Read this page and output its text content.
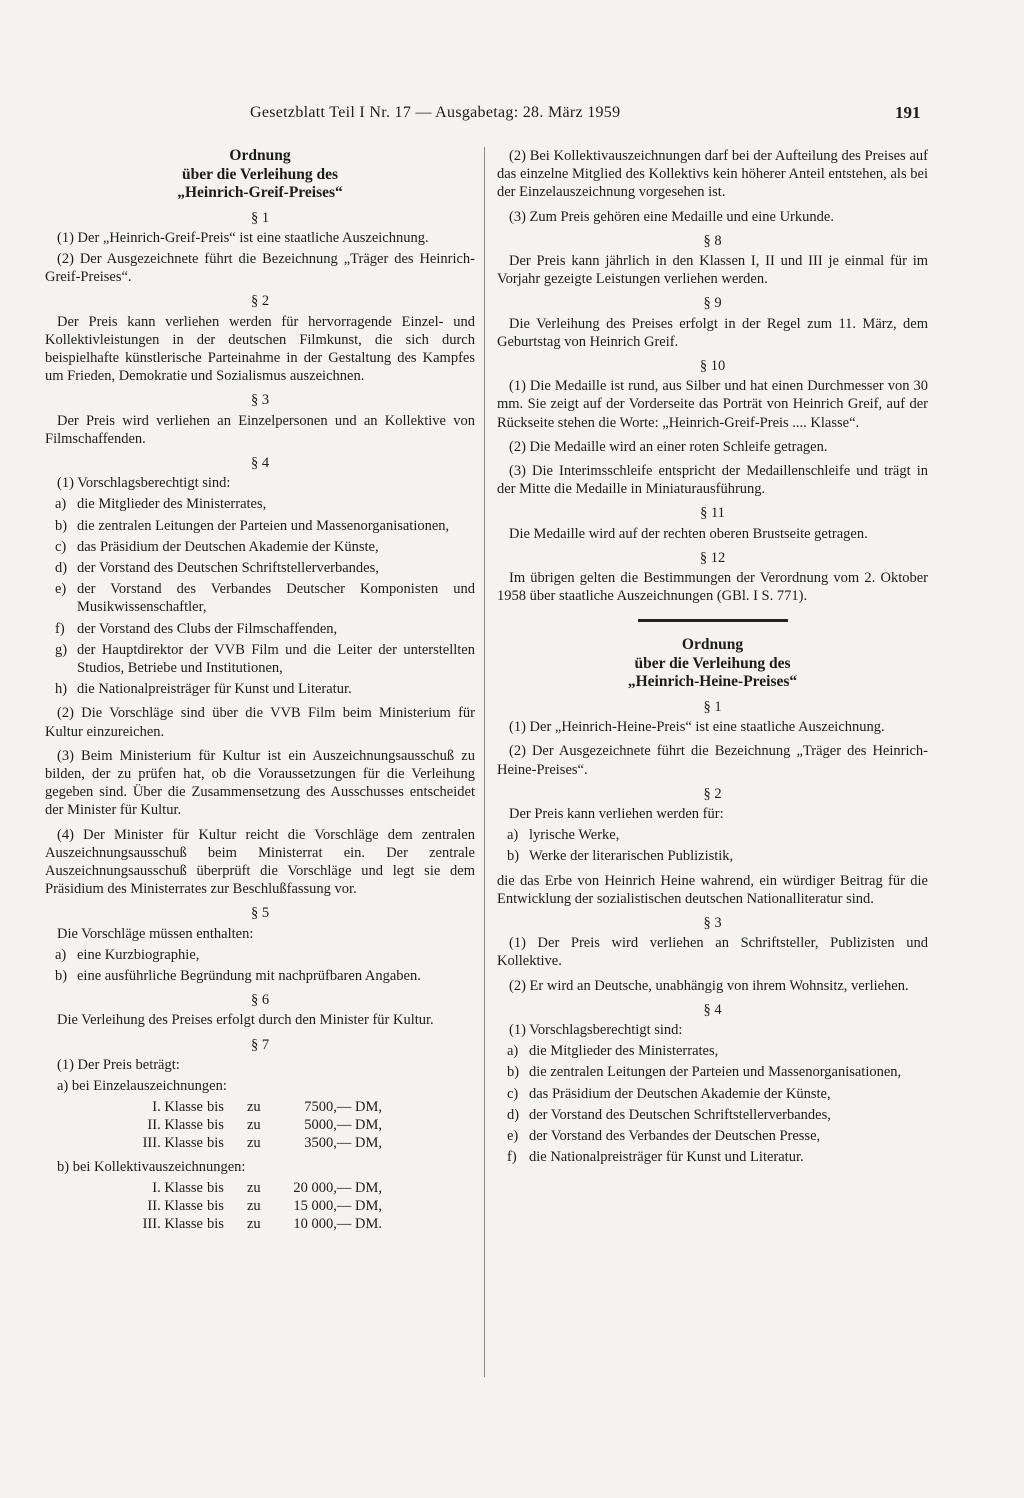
Gesetzblatt Teil I Nr. 17 — Ausgabetag: 28. März 1959	191

Ordnung

über die Verleihung des

„Heinrich-Greif-Preises“

§ 1

(1) Der „Heinrich-Greif-Preis“ ist eine staatliche Auszeichnung.

(2) Der Ausgezeichnete führt die Bezeichnung „Träger des Heinrich-Greif-Preises“.

§ 2

Der Preis kann verliehen werden für hervorragende Einzel- und Kollektivleistungen in der deutschen Filmkunst, die sich durch beispielhafte künstlerische Parteinahme in der Gestaltung des Kampfes um Frieden, Demokratie und Sozialismus auszeichnen.

§ 3

Der Preis wird verliehen an Einzelpersonen und an Kollektive von Filmschaffenden.

§ 4

(1) Vorschlagsberechtigt sind:

a) die Mitglieder des Ministerrates,
b) die zentralen Leitungen der Parteien und Massenorganisationen,
c) das Präsidium der Deutschen Akademie der Künste,
d) der Vorstand des Deutschen Schriftstellerverbandes,
e) der Vorstand des Verbandes Deutscher Komponisten und Musikwissenschaftler,
f) der Vorstand des Clubs der Filmschaffenden,
g) der Hauptdirektor der VVB Film und die Leiter der unterstellten Studios, Betriebe und Institutionen,
h) die Nationalpreisträger für Kunst und Literatur.

(2) Die Vorschläge sind über die VVB Film beim Ministerium für Kultur einzureichen.

(3) Beim Ministerium für Kultur ist ein Auszeichnungsausschuß zu bilden, der zu prüfen hat, ob die Voraussetzungen für die Verleihung gegeben sind. Über die Zusammensetzung des Ausschusses entscheidet der Minister für Kultur.

(4) Der Minister für Kultur reicht die Vorschläge dem zentralen Auszeichnungsausschuß beim Ministerrat ein. Der zentrale Auszeichnungsausschuß überprüft die Vorschläge und legt sie dem Präsidium des Ministerrates zur Beschlußfassung vor.

§ 5

Die Vorschläge müssen enthalten:

a) eine Kurzbiographie,
b) eine ausführliche Begründung mit nachprüfbaren Angaben.

§ 6

Die Verleihung des Preises erfolgt durch den Minister für Kultur.

§ 7

(1) Der Preis beträgt:

a) bei Einzelauszeichnungen:

I. Klasse bis	zu	7500,— DM,
II. Klasse bis	zu	5000,— DM,
III. Klasse bis	zu	3500,— DM,

b) bei Kollektivauszeichnungen:

I. Klasse bis	zu	20 000,— DM,
II. Klasse bis	zu	15 000,— DM,
III. Klasse bis	zu	10 000,— DM.

(2) Bei Kollektivauszeichnungen darf bei der Aufteilung des Preises auf das einzelne Mitglied des Kollektivs kein höherer Anteil entstehen, als bei der Einzelauszeichnung vorgesehen ist.

(3) Zum Preis gehören eine Medaille und eine Urkunde.

§ 8

Der Preis kann jährlich in den Klassen I, II und III je einmal für im Vorjahr gezeigte Leistungen verliehen werden.

§ 9

Die Verleihung des Preises erfolgt in der Regel zum 11. März, dem Geburtstag von Heinrich Greif.

§ 10

(1) Die Medaille ist rund, aus Silber und hat einen Durchmesser von 30 mm. Sie zeigt auf der Vorderseite das Porträt von Heinrich Greif, auf der Rückseite stehen die Worte: „Heinrich-Greif-Preis .... Klasse“.

(2) Die Medaille wird an einer roten Schleife getragen.

(3) Die Interimsschleife entspricht der Medaillenschleife und trägt in der Mitte die Medaille in Miniaturausführung.

§ 11

Die Medaille wird auf der rechten oberen Brustseite getragen.

§ 12

Im übrigen gelten die Bestimmungen der Verordnung vom 2. Oktober 1958 über staatliche Auszeichnungen (GBl. I S. 771).

Ordnung

über die Verleihung des

„Heinrich-Heine-Preises“

§ 1

(1) Der „Heinrich-Heine-Preis“ ist eine staatliche Auszeichnung.

(2) Der Ausgezeichnete führt die Bezeichnung „Träger des Heinrich-Heine-Preises“.

§ 2

Der Preis kann verliehen werden für:

a) lyrische Werke,
b) Werke der literarischen Publizistik,

die das Erbe von Heinrich Heine wahrend, ein würdiger Beitrag für die Entwicklung der sozialistischen deutschen Nationalliteratur sind.

§ 3

(1) Der Preis wird verliehen an Schriftsteller, Publizisten und Kollektive.

(2) Er wird an Deutsche, unabhängig von ihrem Wohnsitz, verliehen.

§ 4

(1) Vorschlagsberechtigt sind:

a) die Mitglieder des Ministerrates,
b) die zentralen Leitungen der Parteien und Massenorganisationen,
c) das Präsidium der Deutschen Akademie der Künste,
d) der Vorstand des Deutschen Schriftstellerverbandes,
e) der Vorstand des Verbandes der Deutschen Presse,
f) die Nationalpreisträger für Kunst und Literatur.
